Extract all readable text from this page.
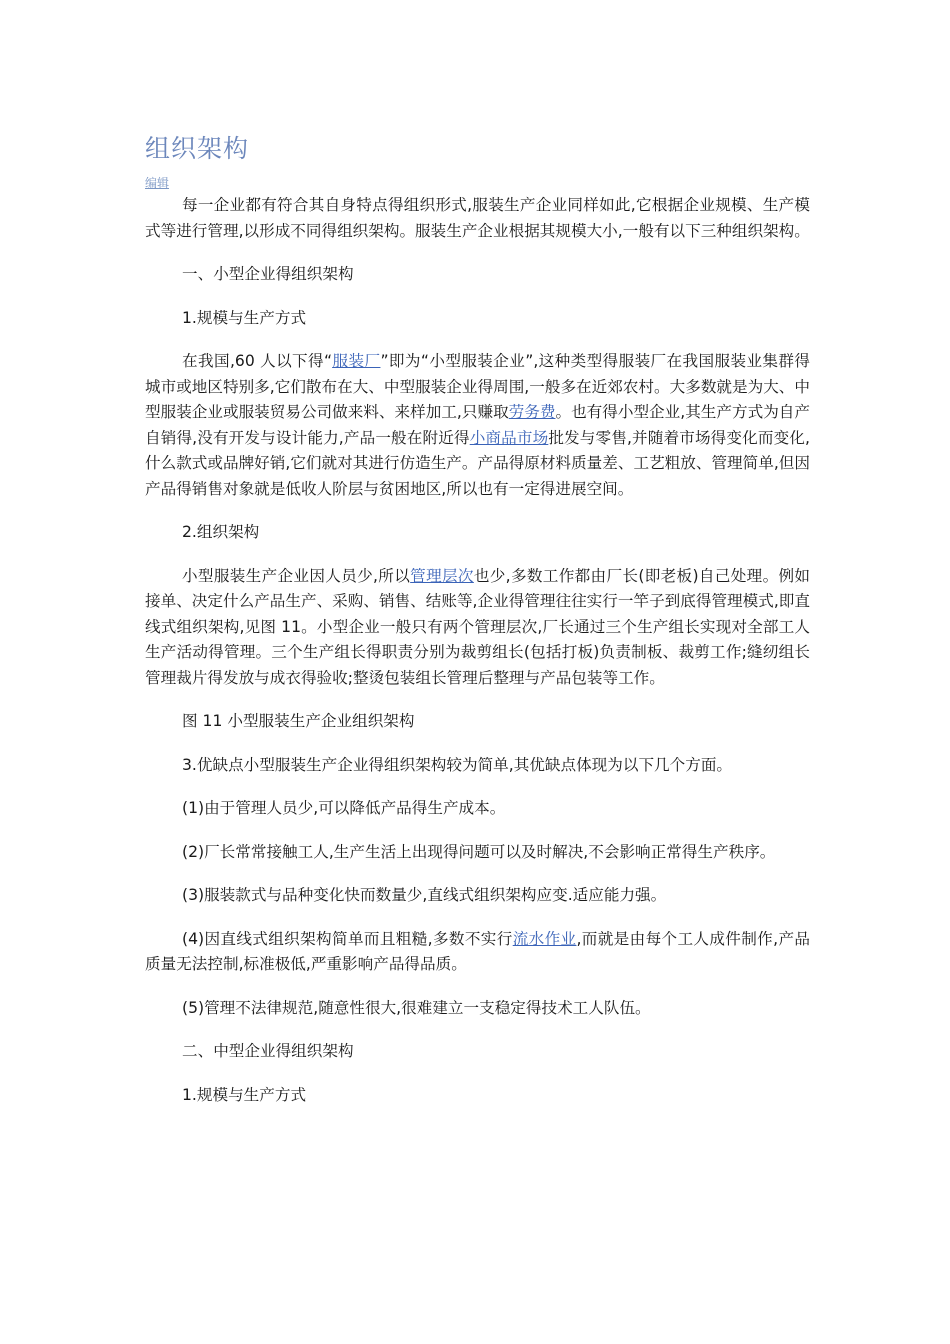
组织架构
编辑

每一企业都有符合其自身特点得组织形式,服装生产企业同样如此,它根据企业规模、生产模式等进行管理,以形成不同得组织架构。服装生产企业根据其规模大小,一般有以下三种组织架构。

一、小型企业得组织架构

1.规模与生产方式

在我国,60 人以下得“服装厂”即为“小型服装企业”,这种类型得服装厂在我国服装业集群得城市或地区特别多,它们散布在大、中型服装企业得周围,一般多在近郊农村。大多数就是为大、中型服装企业或服装贸易公司做来料、来样加工,只赚取劳务费。也有得小型企业,其生产方式为自产自销得,没有开发与设计能力,产品一般在附近得小商品市场批发与零售,并随着市场得变化而变化,什么款式或品牌好销,它们就对其进行仿造生产。产品得原材料质量差、工艺粗放、管理简单,但因产品得销售对象就是低收人阶层与贫困地区,所以也有一定得进展空间。

2.组织架构

小型服装生产企业因人员少,所以管理层次也少,多数工作都由厂长(即老板)自己处理。例如接单、决定什么产品生产、采购、销售、结账等,企业得管理往往实行一竿子到底得管理模式,即直线式组织架构,见图 11。小型企业一般只有两个管理层次,厂长通过三个生产组长实现对全部工人生产活动得管理。三个生产组长得职责分别为裁剪组长(包括打板)负责制板、裁剪工作;缝纫组长管理裁片得发放与成衣得验收;整烫包装组长管理后整理与产品包装等工作。

图 11 小型服装生产企业组织架构

3.优缺点小型服装生产企业得组织架构较为简单,其优缺点体现为以下几个方面。

(1)由于管理人员少,可以降低产品得生产成本。

(2)厂长常常接触工人,生产生活上出现得问题可以及时解决,不会影响正常得生产秩序。

(3)服装款式与品种变化快而数量少,直线式组织架构应变.适应能力强。

(4)因直线式组织架构简单而且粗糙,多数不实行流水作业,而就是由每个工人成件制作,产品质量无法控制,标准极低,严重影响产品得品质。

(5)管理不法律规范,随意性很大,很难建立一支稳定得技术工人队伍。

二、中型企业得组织架构

1.规模与生产方式
